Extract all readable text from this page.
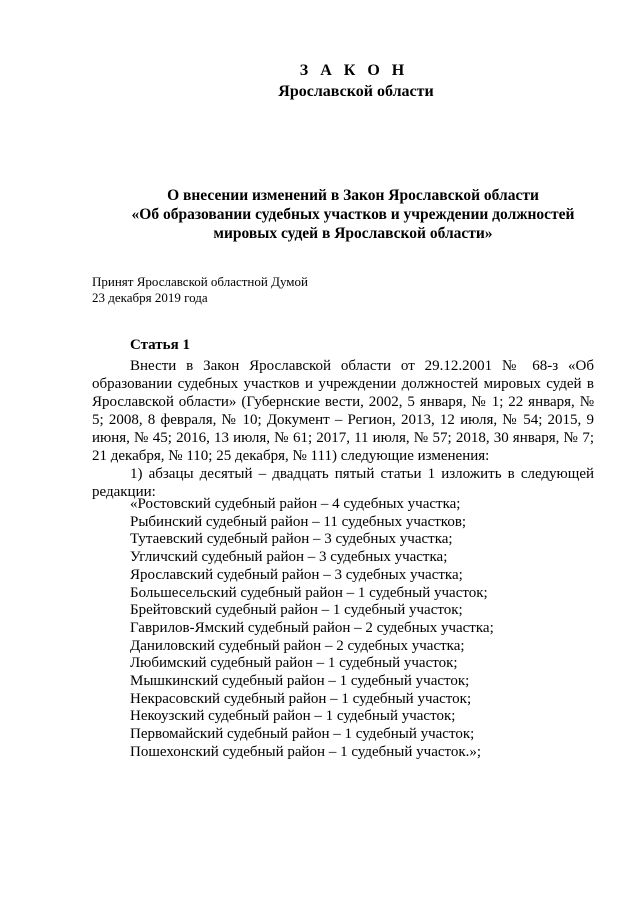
З А К О Н
Ярославской области
О внесении изменений в Закон Ярославской области
«Об образовании судебных участков и учреждении должностей
мировых судей в Ярославской области»
Принят Ярославской областной Думой
23 декабря 2019 года
Статья 1

Внести в Закон Ярославской области от 29.12.2001 № 68-з «Об образовании судебных участков и учреждении должностей мировых судей в Ярославской области» (Губернские вести, 2002, 5 января, № 1; 22 января, № 5; 2008, 8 февраля, № 10; Документ – Регион, 2013, 12 июля, № 54; 2015, 9 июня, № 45; 2016, 13 июля, № 61; 2017, 11 июля, № 57; 2018, 30 января, № 7; 21 декабря, № 110; 25 декабря, № 111) следующие изменения:

1) абзацы десятый – двадцать пятый статьи 1 изложить в следующей редакции:

«Ростовский судебный район – 4 судебных участка;
Рыбинский судебный район – 11 судебных участков;
Тутаевский судебный район – 3 судебных участка;
Угличский судебный район – 3 судебных участка;
Ярославский судебный район – 3 судебных участка;
Большесельский судебный район – 1 судебный участок;
Брейтовский судебный район – 1 судебный участок;
Гаврилов-Ямский судебный район – 2 судебных участка;
Даниловский судебный район – 2 судебных участка;
Любимский судебный район – 1 судебный участок;
Мышкинский судебный район – 1 судебный участок;
Некрасовский судебный район – 1 судебный участок;
Некоузский судебный район – 1 судебный участок;
Первомайский судебный район – 1 судебный участок;
Пошехонский судебный район – 1 судебный участок.»;
